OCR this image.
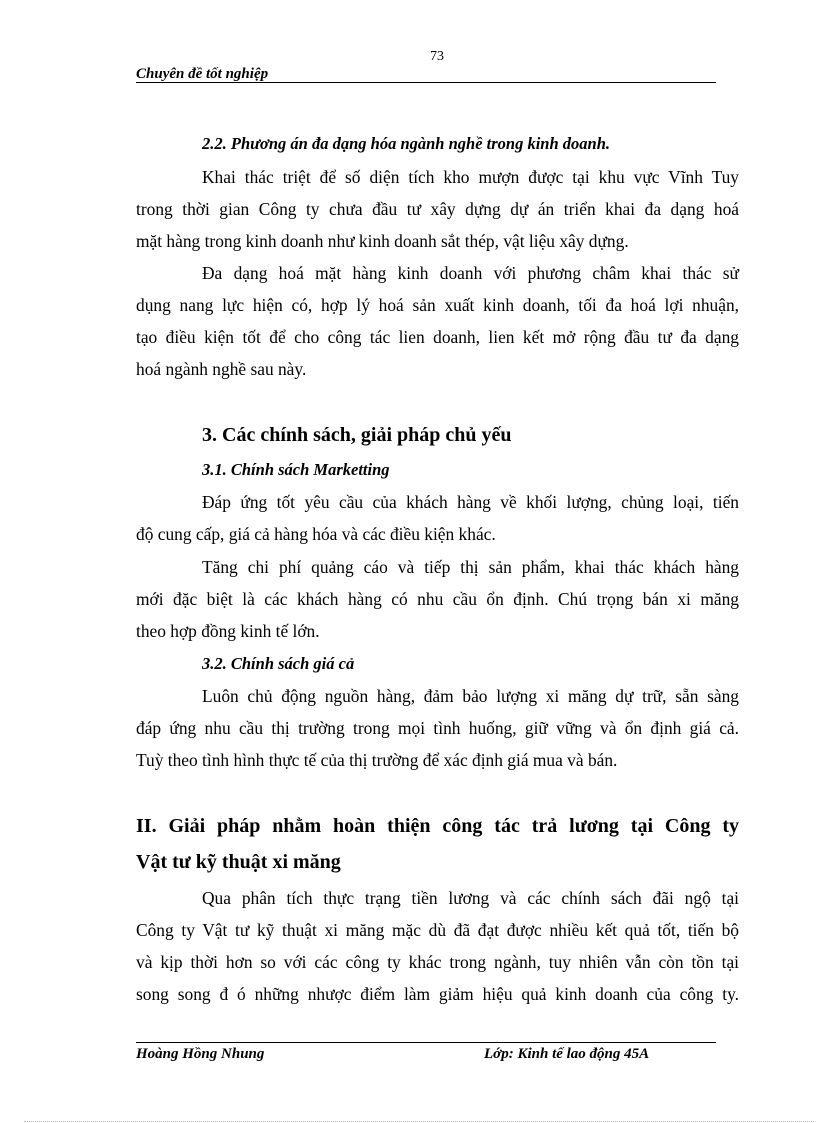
73
Chuyên đề tốt nghiệp
2.2. Phương án đa dạng hóa ngành nghề trong kinh doanh.
Khai thác triệt để số diện tích kho mượn được tại khu vực Vĩnh Tuy
trong thời gian Công ty chưa đầu tư xây dựng dự án triển khai đa dạng hoá
mặt hàng trong kinh doanh như kinh doanh sắt thép, vật liệu xây dựng.
Đa dạng hoá mặt hàng kinh doanh với phương châm khai thác sử
dụng nang lực hiện có, hợp lý hoá sản xuất kinh doanh, tối đa hoá lợi nhuận,
tạo điều kiện tốt để cho công tác lien doanh, lien kết mở rộng đầu tư đa dạng
hoá ngành nghề sau này.
3. Các chính sách, giải pháp chủ yếu
3.1. Chính sách Marketting
Đáp ứng tốt yêu cầu của khách hàng về khối lượng, chủng loại, tiến
độ cung cấp, giá cả hàng hóa và các điều kiện khác.
Tăng chi phí quảng cáo và tiếp thị sản phẩm, khai thác khách hàng
mới đặc biệt là các khách hàng có nhu cầu ổn định. Chú trọng bán xi măng
theo hợp đồng kinh tế lớn.
3.2. Chính sách giá cả
Luôn chủ động nguồn hàng, đảm bảo lượng xi măng dự trữ, sẵn sàng
đáp ứng nhu cầu thị trường trong mọi tình huống, giữ vững và ổn định giá cả.
Tuỳ theo tình hình thực tế của thị trường để xác định giá mua và bán.
II. Giải pháp nhằm hoàn thiện công tác trả lương tại Công ty
Vật tư kỹ thuật xi măng
Qua phân tích thực trạng tiền lương và các chính sách đãi ngộ tại
Công ty Vật tư kỹ thuật xi măng mặc dù đã đạt được nhiều kết quả tốt, tiến bộ
và kịp thời hơn so với các công ty khác trong ngành, tuy nhiên vẫn còn tồn tại
song song đ ó những nhược điểm làm giảm hiệu quả kinh doanh của công ty.
Hoàng Hồng Nhung	Lớp: Kinh tế lao động 45A
